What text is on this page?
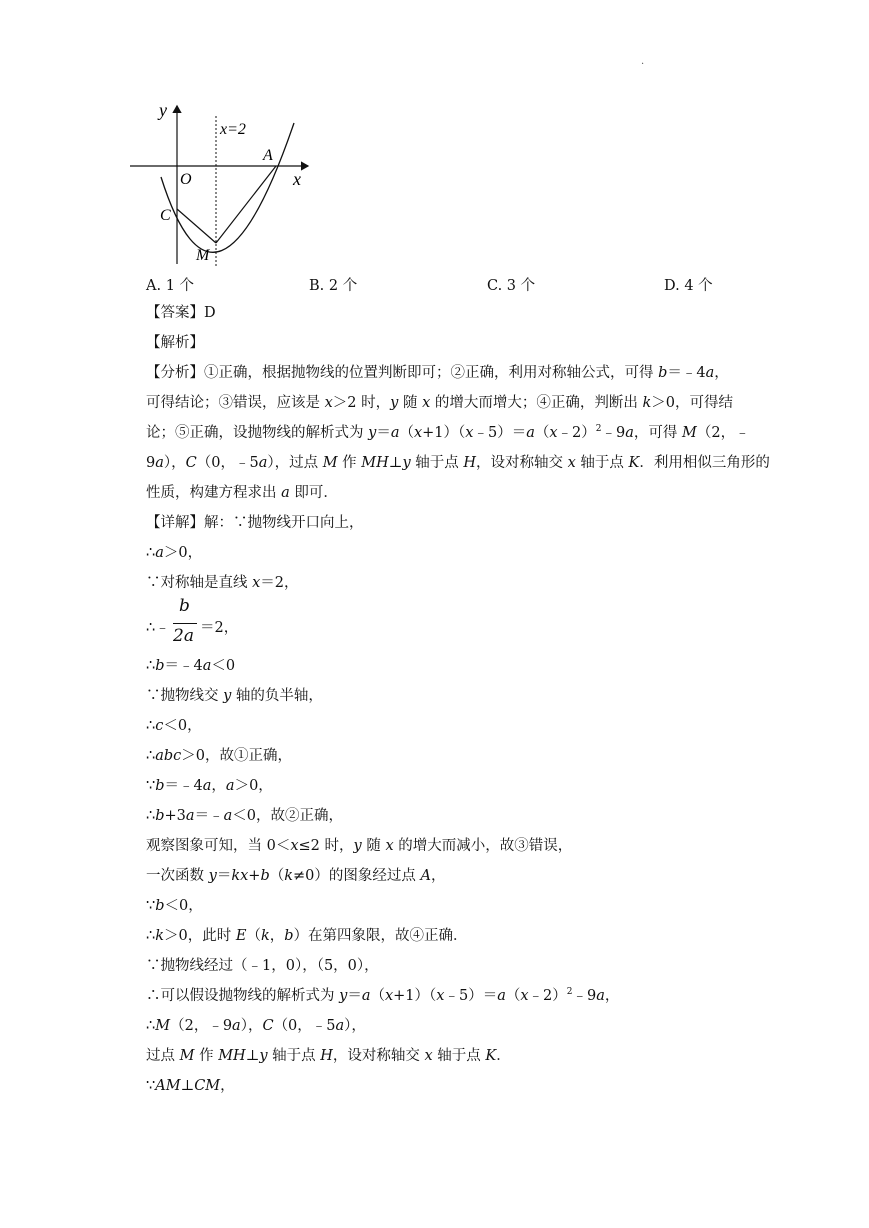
.
y
x
x=2
A
O
C
M
A. 1 个	B. 2 个	C. 3 个	D. 4 个
【答案】D
【解析】
【分析】①正确，根据抛物线的位置判断即可；②正确，利用对称轴公式，可得 b＝﹣4a，
可得结论；③错误，应该是 x＞2 时，y 随 x 的增大而增大；④正确，判断出 k＞0，可得结
论；⑤正确，设抛物线的解析式为 y＝a（x+1）（x﹣5）＝a（x﹣2）$^2$﹣9a，可得 M（2，﹣
9a），C（0，﹣5a），过点 M 作 MH⊥y 轴于点 H，设对称轴交 x 轴于点 K．利用相似三角形的
性质，构建方程求出 a 即可．
【详解】解：∵抛物线开口向上，
∴a＞0，
∵对称轴是直线 x＝2，
∴﹣
b
2a ＝2，
∴b＝﹣4a＜0
∵抛物线交 y 轴的负半轴，
∴c＜0，
∴abc＞0，故①正确，
∵b＝﹣4a，a＞0，
∴b+3a＝﹣a＜0，故②正确，
观察图象可知，当 0＜x≤2 时，y 随 x 的增大而减小，故③错误，
一次函数 y＝kx+b（k≠0）的图象经过点 A，
∵b＜0，
∴k＞0，此时 E（k，b）在第四象限，故④正确．
∵抛物线经过（﹣1，0），（5，0），
∴可以假设抛物线的解析式为 y＝a（x+1）（x﹣5）＝a（x﹣2）$^2$﹣9a，
∴M（2，﹣9a），C（0，﹣5a），
过点 M 作 MH⊥y 轴于点 H，设对称轴交 x 轴于点 K．
∵AM⊥CM，
